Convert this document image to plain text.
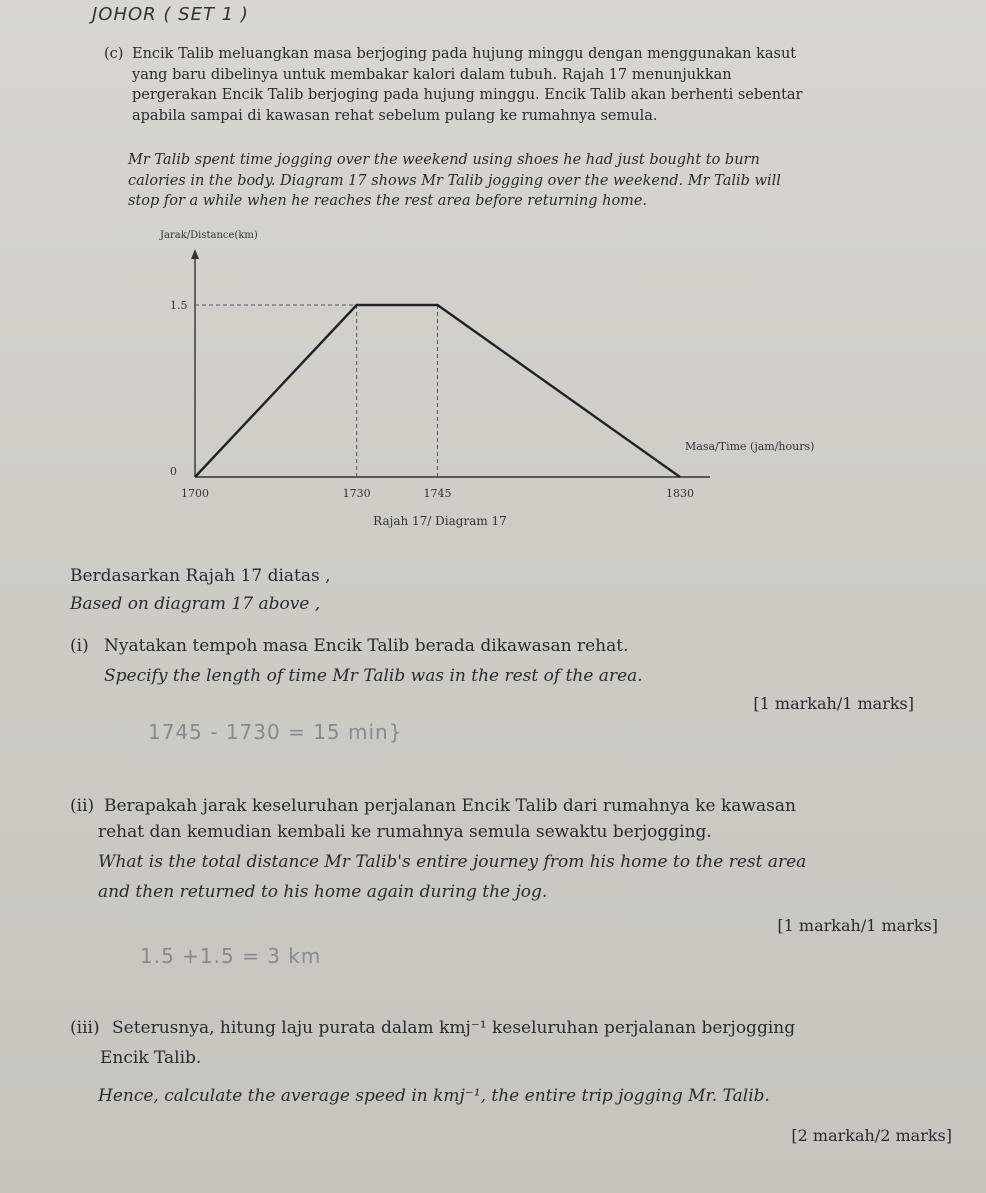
JOHOR ( SET 1 )
(c) Encik Talib meluangkan masa berjoging pada hujung minggu dengan menggunakan kasut
yang baru dibelinya untuk membakar kalori dalam tubuh. Rajah 17 menunjukkan
pergerakan Encik Talib berjoging pada hujung minggu. Encik Talib akan berhenti sebentar
apabila sampai di kawasan rehat sebelum pulang ke rumahnya semula.
Mr Talib spent time jogging over the weekend using shoes he had just bought to burn
calories in the body. Diagram 17 shows Mr Talib jogging over the weekend. Mr Talib will
stop for a while when he reaches the rest area before returning home.
Jarak/Distance(km)
1700	1730	1745	1830
0
1.5
Masa/Time (jam/hours)
Rajah 17/ Diagram 17
Berdasarkan Rajah 17 diatas ,
Based on diagram 17 above ,
(i) Nyatakan tempoh masa Encik Talib berada dikawasan rehat.
Specify the length of time Mr Talib was in the rest of the area.
[1 markah/1 marks]
1745 - 1730 = 15 min}
(ii) Berapakah jarak keseluruhan perjalanan Encik Talib dari rumahnya ke kawasan
rehat dan kemudian kembali ke rumahnya semula sewaktu berjogging.
What is the total distance Mr Talib's entire journey from his home to the rest area
and then returned to his home again during the jog.
[1 markah/1 marks]
1.5 +1.5 = 3 km
(iii) Seterusnya, hitung laju purata dalam kmj⁻¹ keseluruhan perjalanan berjogging
Encik Talib.
Hence, calculate the average speed in kmj⁻¹, the entire trip jogging Mr. Talib.
[2 markah/2 marks]
